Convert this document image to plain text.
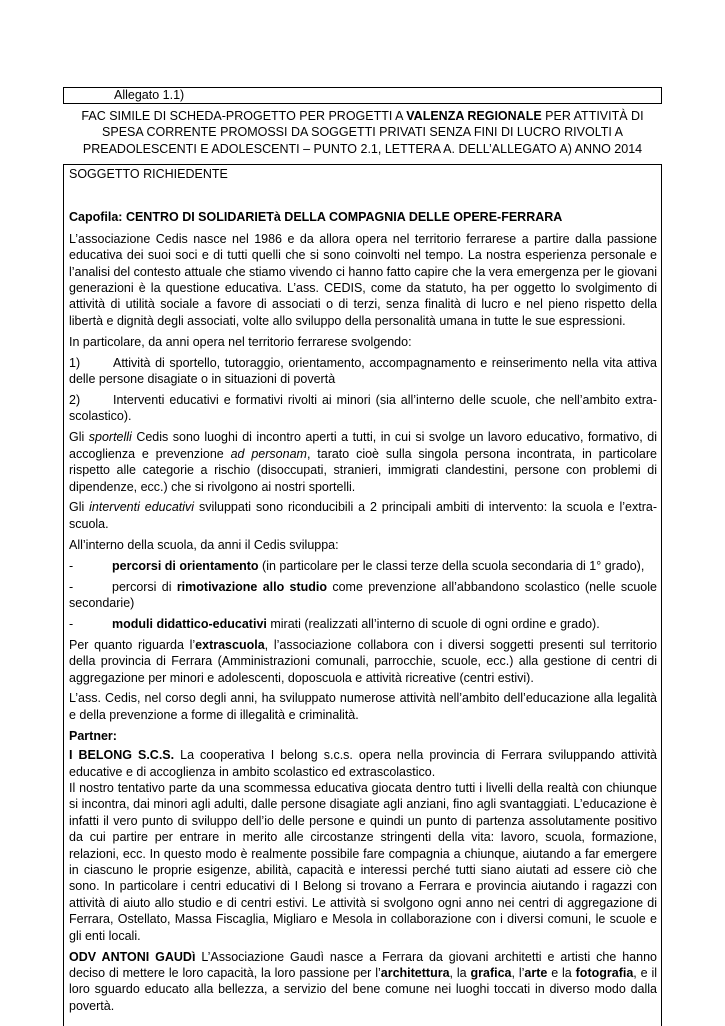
Allegato 1.1)
FAC SIMILE DI SCHEDA-PROGETTO PER PROGETTI A VALENZA REGIONALE PER ATTIVITÀ DI SPESA CORRENTE PROMOSSI DA SOGGETTI PRIVATI SENZA FINI DI LUCRO RIVOLTI A PREADOLESCENTI E ADOLESCENTI – PUNTO 2.1, LETTERA A. DELL’ALLEGATO A) ANNO 2014

SOGGETTO RICHIEDENTE

Capofila: CENTRO DI SOLIDARIETà DELLA COMPAGNIA DELLE OPERE-FERRARA

L’associazione Cedis nasce nel 1986 e da allora opera nel territorio ferrarese a partire dalla passione educativa dei suoi soci e di tutti quelli che si sono coinvolti nel tempo. La nostra esperienza personale e l’analisi del contesto attuale che stiamo vivendo ci hanno fatto capire che la vera emergenza per le giovani generazioni è la questione educativa. L’ass. CEDIS, come da statuto, ha per oggetto lo svolgimento di attività di utilità sociale a favore di associati o di terzi, senza finalità di lucro e nel pieno rispetto della libertà e dignità degli associati, volte allo sviluppo della personalità umana in tutte le sue espressioni.

In particolare, da anni opera nel territorio ferrarese svolgendo:

1)	Attività di sportello, tutoraggio, orientamento, accompagnamento e reinserimento nella vita attiva delle persone disagiate o in situazioni di povertà

2)	Interventi educativi e formativi rivolti ai minori (sia all’interno delle scuole, che nell’ambito extra-scolastico).

Gli sportelli Cedis sono luoghi di incontro aperti a tutti, in cui si svolge un lavoro educativo, formativo, di accoglienza e prevenzione ad personam, tarato cioè sulla singola persona incontrata, in particolare rispetto alle categorie a rischio (disoccupati, stranieri, immigrati clandestini, persone con problemi di dipendenze, ecc.) che si rivolgono ai nostri sportelli.

Gli interventi educativi sviluppati sono riconducibili a 2 principali ambiti di intervento: la scuola e l’extra-scuola.

All’interno della scuola, da anni il Cedis sviluppa:

-	percorsi di orientamento (in particolare per le classi terze della scuola secondaria di 1° grado),

-	percorsi di rimotivazione allo studio come prevenzione all’abbandono scolastico (nelle scuole secondarie)

-	moduli didattico-educativi mirati (realizzati all’interno di scuole di ogni ordine e grado).

Per quanto riguarda l’extrascuola, l’associazione collabora con i diversi soggetti presenti sul territorio della provincia di Ferrara (Amministrazioni comunali, parrocchie, scuole, ecc.) alla gestione di centri di aggregazione per minori e adolescenti, doposcuola e attività ricreative (centri estivi).

L’ass. Cedis, nel corso degli anni, ha sviluppato numerose attività nell’ambito dell’educazione alla legalità e della prevenzione a forme di illegalità e criminalità.

Partner:

I BELONG S.C.S. La cooperativa I belong s.c.s. opera nella provincia di Ferrara sviluppando attività educative e di accoglienza in ambito scolastico ed extrascolastico.
Il nostro tentativo parte da una scommessa educativa giocata dentro tutti i livelli della realtà con chiunque si incontra, dai minori agli adulti, dalle persone disagiate agli anziani, fino agli svantaggiati. L’educazione è infatti il vero punto di sviluppo dell’io delle persone e quindi un punto di partenza assolutamente positivo da cui partire per entrare in merito alle circostanze stringenti della vita: lavoro, scuola, formazione, relazioni, ecc. In questo modo è realmente possibile fare compagnia a chiunque, aiutando a far emergere in ciascuno le proprie esigenze, abilità, capacità e interessi perché tutti siano aiutati ad essere ciò che sono. In particolare i centri educativi di I Belong si trovano a Ferrara e provincia aiutando i ragazzi con attività di aiuto allo studio e di centri estivi. Le attività si svolgono ogni anno nei centri di aggregazione di Ferrara, Ostellato, Massa Fiscaglia, Migliaro e Mesola in collaborazione con i diversi comuni, le scuole e gli enti locali.

ODV ANTONI GAUDì L’Associazione Gaudì nasce a Ferrara da giovani architetti e artisti che hanno deciso di mettere le loro capacità, la loro passione per l’architettura, la grafica, l’arte e la fotografia, e il loro sguardo educato alla bellezza, a servizio del bene comune nei luoghi toccati in diverso modo dalla povertà.
